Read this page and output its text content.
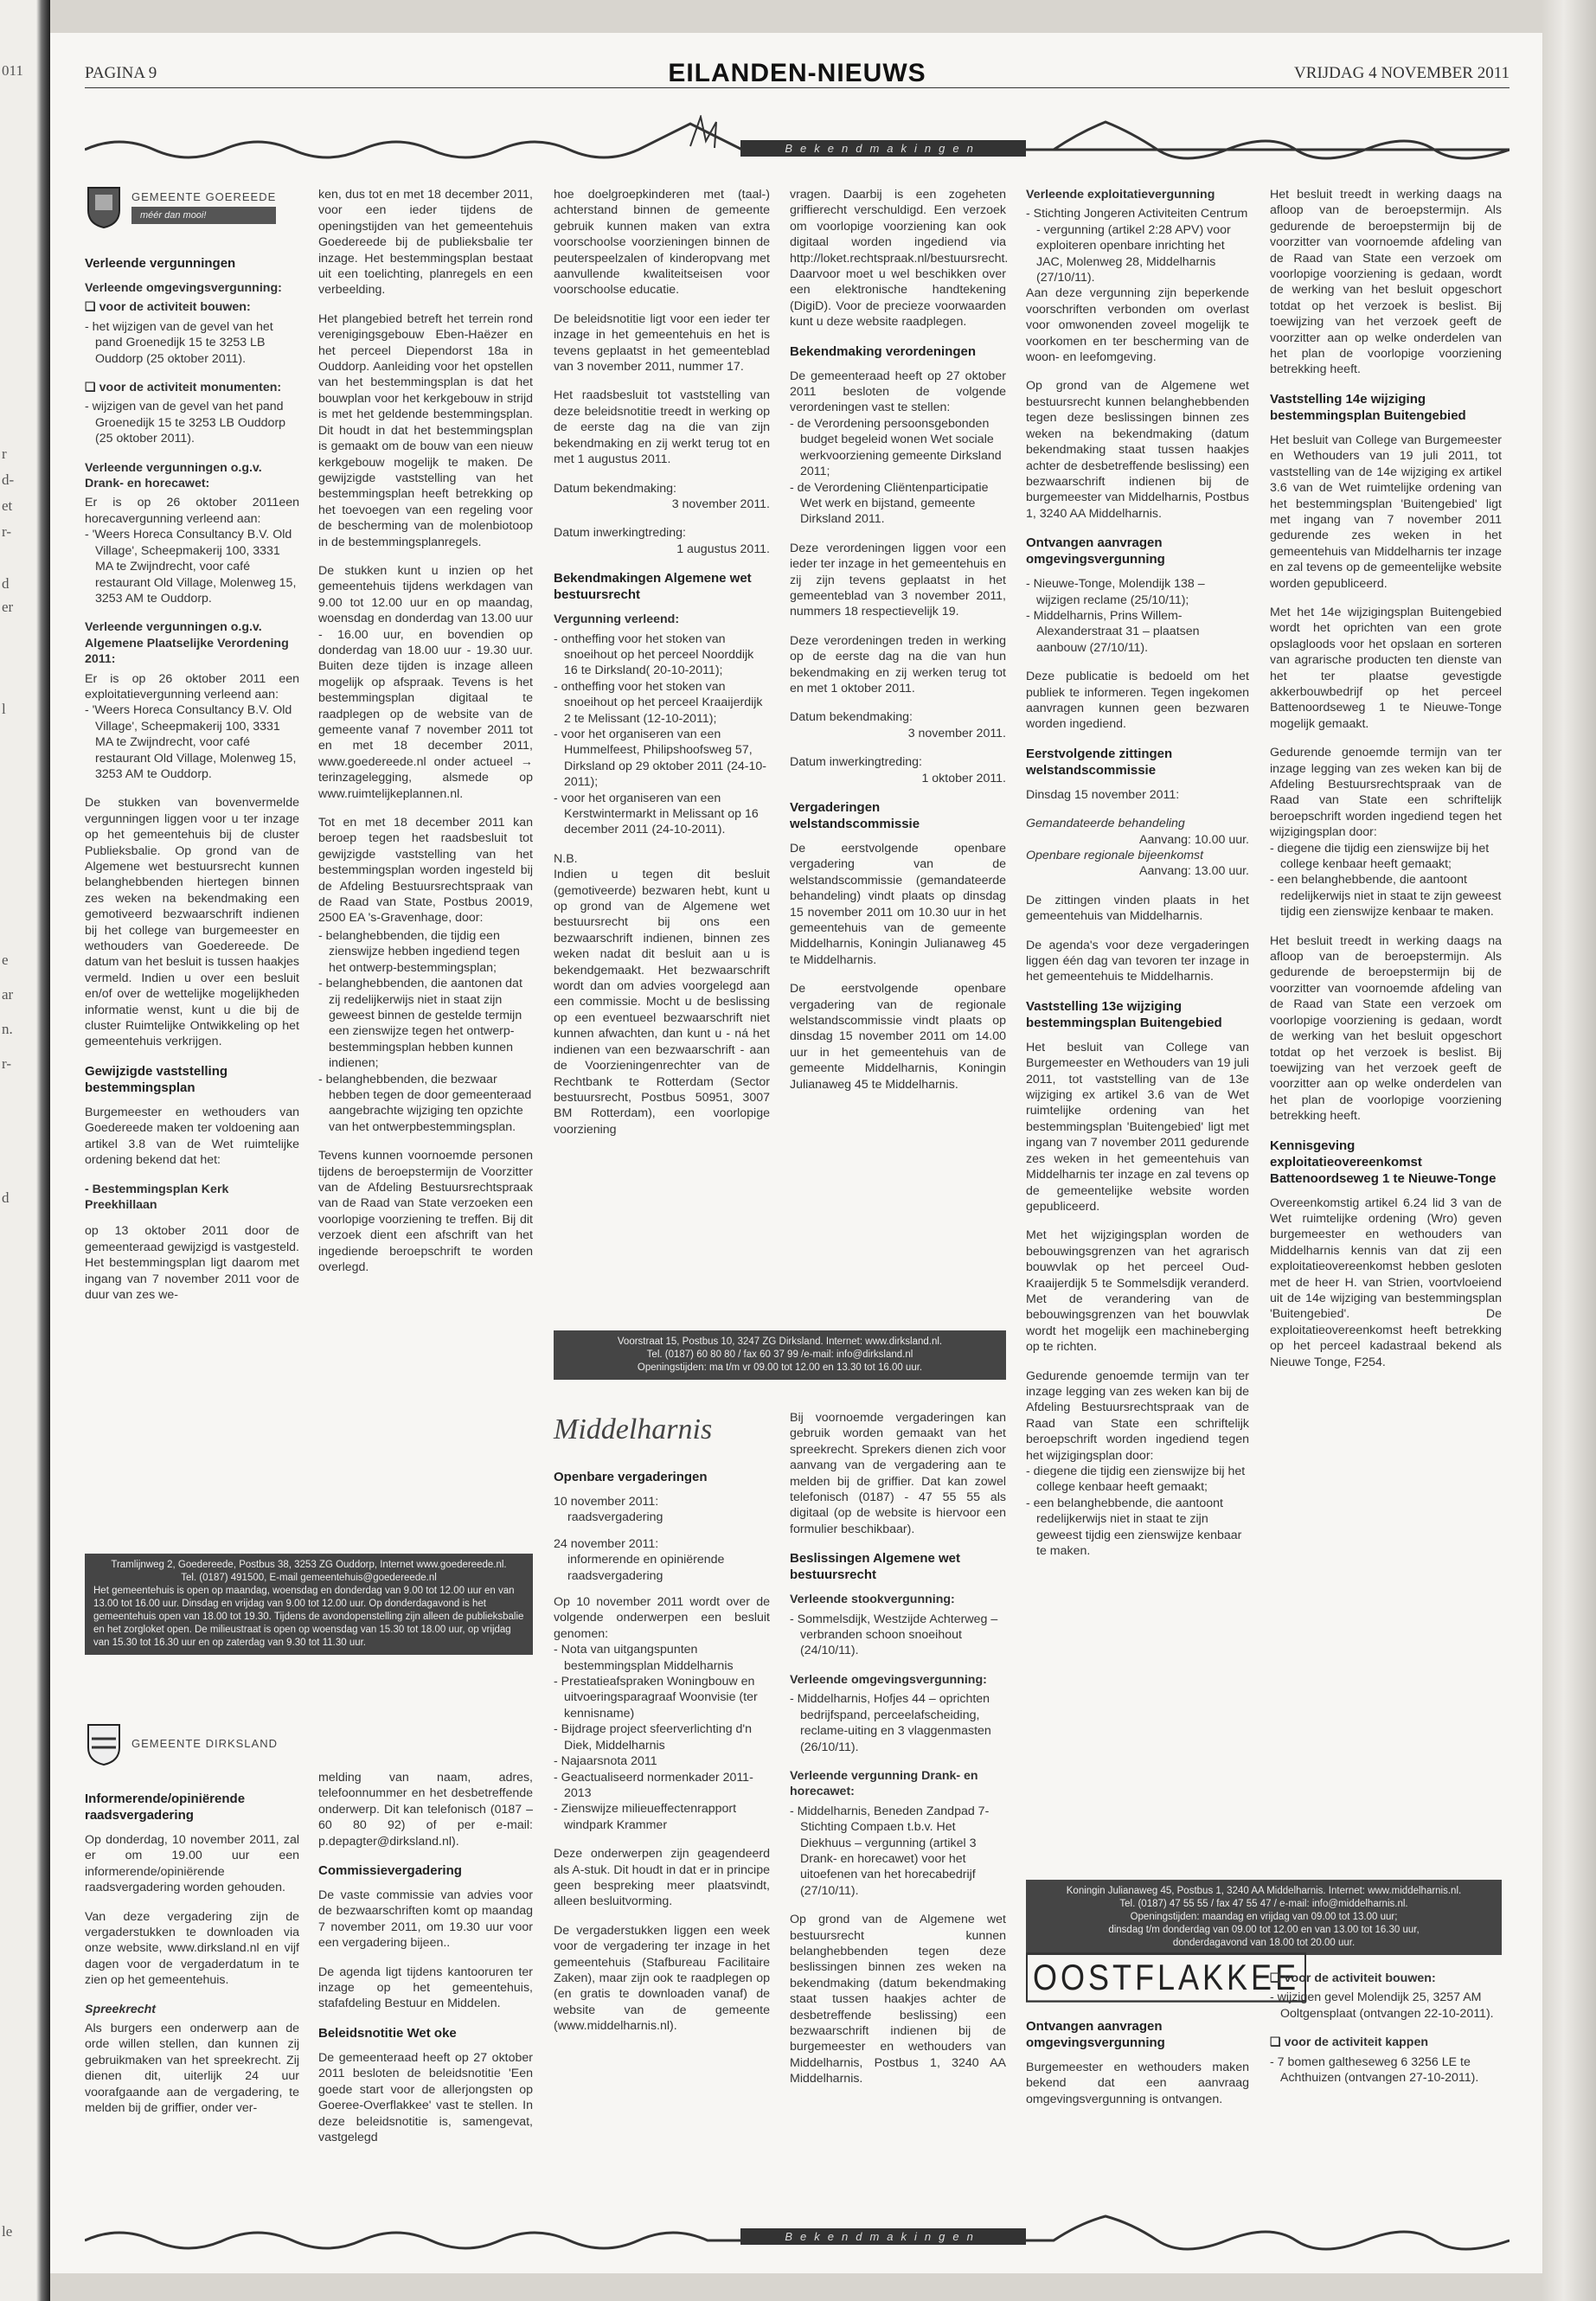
011
r
d-
et
r-
d
er
l
e
ar
n.
r-
d
le
PAGINA 9	EILANDEN-NIEUWS	VRIJDAG 4 NOVEMBER 2011
Bekendmakingen
GEMEENTE GOEREEDE
méér dan mooi!
Verleende vergunningen
Verleende omgevingsvergunning:
❑ voor de activiteit bouwen:
- het wijzigen van de gevel van het pand Groenedijk 15 te 3253 LB Ouddorp (25 oktober 2011).
❑ voor de activiteit monumenten:
- wijzigen van de gevel van het pand Groenedijk 15 te 3253 LB Ouddorp (25 oktober 2011).
Verleende vergunningen o.g.v. Drank- en horecawet:

Er is op 26 oktober 2011een horecavergunning verleend aan:

- 'Weers Horeca Consultancy B.V. Old Village', Scheepmakerij 100, 3331 MA te Zwijndrecht, voor café restaurant Old Village, Molenweg 15, 3253 AM te Ouddorp.
Verleende vergunningen o.g.v. Algemene Plaatselijke Verordening 2011:

Er is op 26 oktober 2011 een exploitatievergunning verleend aan:

- 'Weers Horeca Consultancy B.V. Old Village', Scheepmakerij 100, 3331 MA te Zwijndrecht, voor café restaurant Old Village, Molenweg 15, 3253 AM te Ouddorp.

De stukken van bovenvermelde vergunningen liggen voor u ter inzage op het gemeentehuis bij de cluster Publieksbalie. Op grond van de Algemene wet bestuursrecht kunnen belanghebbenden hiertegen binnen zes weken na bekendmaking een gemotiveerd bezwaarschrift indienen bij het college van burgemeester en wethouders van Goedereede. De datum van het besluit is tussen haakjes vermeld. Indien u over een besluit en/of over de wettelijke mogelijkheden informatie wenst, kunt u die bij de cluster Ruimtelijke Ontwikkeling op het gemeentehuis verkrijgen.

Gewijzigde vaststelling bestemmingsplan

Burgemeester en wethouders van Goedereede maken ter voldoening aan artikel 3.8 van de Wet ruimtelijke ordening bekend dat het:

- Bestemmingsplan Kerk Preekhillaan

op 13 oktober 2011 door de gemeenteraad gewijzigd is vastgesteld. Het bestemmingsplan ligt daarom met ingang van 7 november 2011 voor de duur van zes we-

ken, dus tot en met 18 december 2011, voor een ieder tijdens de openingstijden van het gemeentehuis Goedereede bij de publieksbalie ter inzage. Het bestemmingsplan bestaat uit een toelichting, planregels en een verbeelding.

Het plangebied betreft het terrein rond verenigingsgebouw Eben-Haëzer en het perceel Diependorst 18a in Ouddorp. Aanleiding voor het opstellen van het bestemmingsplan is dat het bouwplan voor het kerkgebouw in strijd is met het geldende bestemmingsplan. Dit houdt in dat het bestemmingsplan is gemaakt om de bouw van een nieuw kerkgebouw mogelijk te maken. De gewijzigde vaststelling van het bestemmingsplan heeft betrekking op het toevoegen van een regeling voor de bescherming van de molenbiotoop in de bestemmingsplanregels.

De stukken kunt u inzien op het gemeentehuis tijdens werkdagen van 9.00 tot 12.00 uur en op maandag, woensdag en donderdag van 13.00 uur - 16.00 uur, en bovendien op donderdag van 18.00 uur - 19.30 uur. Buiten deze tijden is inzage alleen mogelijk op afspraak. Tevens is het bestemmingsplan digitaal te raadplegen op de website van de gemeente vanaf 7 november 2011 tot en met 18 december 2011, www.goedereede.nl onder actueel → terinzagelegging, alsmede op www.ruimtelijkeplannen.nl.

Tot en met 18 december 2011 kan beroep tegen het raadsbesluit tot gewijzigde vaststelling van het bestemmingsplan worden ingesteld bij de Afdeling Bestuursrechtspraak van de Raad van State, Postbus 20019, 2500 EA 's-Gravenhage, door:

- belanghebbenden, die tijdig een zienswijze hebben ingediend tegen het ontwerp-bestemmingsplan;
- belanghebbenden, die aantonen dat zij redelijkerwijs niet in staat zijn geweest binnen de gestelde termijn een zienswijze tegen het ontwerp-bestemmingsplan hebben kunnen indienen;
- belanghebbenden, die bezwaar hebben tegen de door gemeenteraad aangebrachte wijziging ten opzichte van het ontwerpbestemmingsplan.

Tevens kunnen voornoemde personen tijdens de beroepstermijn de Voorzitter van de Afdeling Bestuursrechtspraak van de Raad van State verzoeken een voorlopige voorziening te treffen. Bij dit verzoek dient een afschrift van het ingediende beroepschrift te worden overlegd.

Tramlijnweg 2, Goedereede, Postbus 38, 3253 ZG Ouddorp, Internet www.goedereede.nl.
Tel. (0187) 491500, E-mail gemeentehuis@goedereede.nl
Het gemeentehuis is open op maandag, woensdag en donderdag van 9.00 tot 12.00 uur en van 13.00 tot 16.00 uur. Dinsdag en vrijdag van 9.00 tot 12.00 uur. Op donderdagavond is het gemeentehuis open van 18.00 tot 19.30. Tijdens de avondopenstelling zijn alleen de publieksbalie en het zorgloket open. De milieustraat is open op woensdag van 15.30 tot 18.00 uur, op vrijdag van 15.30 tot 16.30 uur en op zaterdag van 9.30 tot 11.30 uur.
GEMEENTE DIRKSLAND
Informerende/opiniërende raadsvergadering

Op donderdag, 10 november 2011, zal er om 19.00 uur een informerende/opiniërende raadsvergadering worden gehouden.

Van deze vergadering zijn de vergaderstukken te downloaden via onze website, www.dirksland.nl en vijf dagen voor de vergaderdatum in te zien op het gemeentehuis.

Spreekrecht

Als burgers een onderwerp aan de orde willen stellen, dan kunnen zij gebruikmaken van het spreekrecht. Zij dienen dit, uiterlijk 24 uur voorafgaande aan de vergadering, te melden bij de griffier, onder ver-

melding van naam, adres, telefoonnummer en het desbetreffende onderwerp. Dit kan telefonisch (0187 – 60 80 92) of per e-mail: p.depagter@dirksland.nl).

Commissievergadering

De vaste commissie van advies voor de bezwaarschriften komt op maandag 7 november 2011, om 19.30 uur voor een vergadering bijeen..

De agenda ligt tijdens kantooruren ter inzage op het gemeentehuis, stafafdeling Bestuur en Middelen.

Beleidsnotitie Wet oke

De gemeenteraad heeft op 27 oktober 2011 besloten de beleidsnotitie 'Een goede start voor de allerjongsten op Goeree-Overflakkee' vast te stellen. In deze beleidsnotitie is, samengevat, vastgelegd

hoe doelgroepkinderen met (taal-) achterstand binnen de gemeente gebruik kunnen maken van extra voorschoolse voorzieningen binnen de peuterspeelzalen of kinderopvang met aanvullende kwaliteitseisen voor voorschoolse educatie.

De beleidsnotitie ligt voor een ieder ter inzage in het gemeentehuis en het is tevens geplaatst in het gemeenteblad van 3 november 2011, nummer 17.

Het raadsbesluit tot vaststelling van deze beleidsnotitie treedt in werking op de eerste dag na die van zijn bekendmaking en zij werkt terug tot en met 1 augustus 2011.

Datum bekendmaking:
3 november 2011.
Datum inwerkingtreding:
1 augustus 2011.
Bekendmakingen Algemene wet bestuursrecht
Vergunning verleend:
- ontheffing voor het stoken van snoeihout op het perceel Noorddijk 16 te Dirksland( 20-10-2011);
- ontheffing voor het stoken van snoeihout op het perceel Kraaijerdijk 2 te Melissant (12-10-2011);
- voor het organiseren van een Hummelfeest, Philipshoofsweg 57, Dirksland op 29 oktober 2011 (24-10-2011);
- voor het organiseren van een Kerstwintermarkt in Melissant op 16 december 2011 (24-10-2011).
N.B.

Indien u tegen dit besluit (gemotiveerde) bezwaren hebt, kunt u op grond van de Algemene wet bestuursrecht bij ons een bezwaarschrift indienen, binnen zes weken nadat dit besluit aan u is bekendgemaakt. Het bezwaarschrift wordt dan om advies voorgelegd aan een commissie. Mocht u de beslissing op een eventueel bezwaarschrift niet kunnen afwachten, dan kunt u - ná het indienen van een bezwaarschrift - aan de Voorzieningenrechter van de Rechtbank te Rotterdam (Sector bestuursrecht, Postbus 50951, 3007 BM Rotterdam), een voorlopige voorziening

vragen. Daarbij is een zogeheten griffierecht verschuldigd. Een verzoek om voorlopige voorziening kan ook digitaal worden ingediend via http://loket.rechtspraak.nl/bestuursrecht. Daarvoor moet u wel beschikken over een elektronische handtekening (DigiD). Voor de precieze voorwaarden kunt u deze website raadplegen.

Bekendmaking verordeningen

De gemeenteraad heeft op 27 oktober 2011 besloten de volgende verordeningen vast te stellen:

- de Verordening persoonsgebonden budget begeleid wonen Wet sociale werkvoorziening gemeente Dirksland 2011;
- de Verordening Cliëntenparticipatie Wet werk en bijstand, gemeente Dirksland 2011.

Deze verordeningen liggen voor een ieder ter inzage in het gemeentehuis en zij zijn tevens geplaatst in het gemeenteblad van 3 november 2011, nummers 18 respectievelijk 19.

Deze verordeningen treden in werking op de eerste dag na die van hun bekendmaking en zij werken terug tot en met 1 oktober 2011.

Datum bekendmaking:
3 november 2011.
Datum inwerkingtreding:
1 oktober 2011.
Vergaderingen welstandscommissie

De eerstvolgende openbare vergadering van de welstandscommissie (gemandateerde behandeling) vindt plaats op dinsdag 15 november 2011 om 10.30 uur in het gemeentehuis van de gemeente Middelharnis, Koningin Julianaweg 45 te Middelharnis.

De eerstvolgende openbare vergadering van de regionale welstandscommissie vindt plaats op dinsdag 15 november 2011 om 14.00 uur in het gemeentehuis van de gemeente Middelharnis, Koningin Julianaweg 45 te Middelharnis.

Voorstraat 15, Postbus 10, 3247 ZG Dirksland. Internet: www.dirksland.nl.
Tel. (0187) 60 80 80 / fax 60 37 99 /e-mail: info@dirksland.nl
Openingstijden: ma t/m vr 09.00 tot 12.00 en 13.30 tot 16.00 uur.
Middelharnis
Openbare vergaderingen
10 november 2011:
raadsvergadering
24 november 2011:
informerende en opiniërende raadsvergadering

Op 10 november 2011 wordt over de volgende onderwerpen een besluit genomen:

- Nota van uitgangspunten bestemmingsplan Middelharnis
- Prestatieafspraken Woningbouw en uitvoeringsparagraaf Woonvisie (ter kennisname)
- Bijdrage project sfeerverlichting d'n Diek, Middelharnis
- Najaarsnota 2011
- Geactualiseerd normenkader 2011-2013
- Zienswijze milieueffectenrapport windpark Krammer

Deze onderwerpen zijn geagendeerd als A-stuk. Dit houdt in dat er in principe geen bespreking meer plaatsvindt, alleen besluitvorming.

De vergaderstukken liggen een week voor de vergadering ter inzage in het gemeentehuis (Stafbureau Facilitaire Zaken), maar zijn ook te raadplegen op (en gratis te downloaden vanaf) de website van de gemeente (www.middelharnis.nl).

Bij voornoemde vergaderingen kan gebruik worden gemaakt van het spreekrecht. Sprekers dienen zich voor aanvang van de vergadering aan te melden bij de griffier. Dat kan zowel telefonisch (0187) - 47 55 55 als digitaal (op de website is hiervoor een formulier beschikbaar).

Beslissingen Algemene wet bestuursrecht
Verleende stookvergunning:
- Sommelsdijk, Westzijde Achterweg – verbranden schoon snoeihout (24/10/11).
Verleende omgevingsvergunning:
- Middelharnis, Hofjes 44 – oprichten bedrijfspand, perceelafscheiding, reclame-uiting en 3 vlaggenmasten (26/10/11).
Verleende vergunning Drank- en horecawet:
- Middelharnis, Beneden Zandpad 7- Stichting Compaen t.b.v. Het Diekhuus – vergunning (artikel 3 Drank- en horecawet) voor het uitoefenen van het horecabedrijf (27/10/11).

Op grond van de Algemene wet bestuursrecht kunnen belanghebbenden tegen deze beslissingen binnen zes weken na bekendmaking (datum bekendmaking staat tussen haakjes achter de desbetreffende beslissing) een bezwaarschrift indienen bij de burgemeester en wethouders van Middelharnis, Postbus 1, 3240 AA Middelharnis.

Verleende exploitatievergunning
- Stichting Jongeren Activiteiten Centrum - vergunning (artikel 2:28 APV) voor exploiteren openbare inrichting het JAC, Molenweg 28, Middelharnis (27/10/11).

Aan deze vergunning zijn beperkende voorschriften verbonden om overlast voor omwonenden zoveel mogelijk te voorkomen en ter bescherming van de woon- en leefomgeving.

Op grond van de Algemene wet bestuursrecht kunnen belanghebbenden tegen deze beslissingen binnen zes weken na bekendmaking (datum bekendmaking staat tussen haakjes achter de desbetreffende beslissing) een bezwaarschrift indienen bij de burgemeester van Middelharnis, Postbus 1, 3240 AA Middelharnis.

Ontvangen aanvragen omgevingsvergunning
- Nieuwe-Tonge, Molendijk 138 – wijzigen reclame (25/10/11);
- Middelharnis, Prins Willem-Alexanderstraat 31 – plaatsen aanbouw (27/10/11).

Deze publicatie is bedoeld om het publiek te informeren. Tegen ingekomen aanvragen kunnen geen bezwaren worden ingediend.

Eerstvolgende zittingen welstandscommissie
Dinsdag 15 november 2011:
Gemandateerde behandeling
Aanvang: 10.00 uur.
Openbare regionale bijeenkomst
Aanvang: 13.00 uur.

De zittingen vinden plaats in het gemeentehuis van Middelharnis.

De agenda's voor deze vergaderingen liggen één dag van tevoren ter inzage in het gemeentehuis te Middelharnis.

Vaststelling 13e wijziging bestemmingsplan Buitengebied

Het besluit van College van Burgemeester en Wethouders van 19 juli 2011, tot vaststelling van de 13e wijziging ex artikel 3.6 van de Wet ruimtelijke ordening van het bestemmingsplan 'Buitengebied' ligt met ingang van 7 november 2011 gedurende zes weken in het gemeentehuis van Middelharnis ter inzage en zal tevens op de gemeentelijke website worden gepubliceerd.

Met het wijzigingsplan worden de bebouwingsgrenzen van het agrarisch bouwvlak op het perceel Oud-Kraaijerdijk 5 te Sommelsdijk veranderd. Met de verandering van de bebouwingsgrenzen van het bouwvlak wordt het mogelijk een machineberging op te richten.

Gedurende genoemde termijn van ter inzage legging van zes weken kan bij de Afdeling Bestuursrechtspraak van de Raad van State een schriftelijk beroepschrift worden ingediend tegen het wijzigingsplan door:

- diegene die tijdig een zienswijze bij het college kenbaar heeft gemaakt;
- een belanghebbende, die aantoont redelijkerwijs niet in staat te zijn geweest tijdig een zienswijze kenbaar te maken.

Het besluit treedt in werking daags na afloop van de beroepstermijn. Als gedurende de beroepstermijn bij de voorzitter van voornoemde afdeling van de Raad van State een verzoek om voorlopige voorziening is gedaan, wordt de werking van het besluit opgeschort totdat op het verzoek is beslist. Bij toewijzing van het verzoek geeft de voorzitter aan op welke onderdelen van het plan de voorlopige voorziening betrekking heeft.

Vaststelling 14e wijziging bestemmingsplan Buitengebied

Het besluit van College van Burgemeester en Wethouders van 19 juli 2011, tot vaststelling van de 14e wijziging ex artikel 3.6 van de Wet ruimtelijke ordening van het bestemmingsplan 'Buitengebied' ligt met ingang van 7 november 2011 gedurende zes weken in het gemeentehuis van Middelharnis ter inzage en zal tevens op de gemeentelijke website worden gepubliceerd.

Met het 14e wijzigingsplan Buitengebied wordt het oprichten van een grote opslagloods voor het opslaan en sorteren van agrarische producten ten dienste van het ter plaatse gevestigde akkerbouwbedrijf op het perceel Battenoordseweg 1 te Nieuwe-Tonge mogelijk gemaakt.

Gedurende genoemde termijn van ter inzage legging van zes weken kan bij de Afdeling Bestuursrechtspraak van de Raad van State een schriftelijk beroepschrift worden ingediend tegen het wijzigingsplan door:

- diegene die tijdig een zienswijze bij het college kenbaar heeft gemaakt;
- een belanghebbende, die aantoont redelijkerwijs niet in staat te zijn geweest tijdig een zienswijze kenbaar te maken.

Het besluit treedt in werking daags na afloop van de beroepstermijn. Als gedurende de beroepstermijn bij de voorzitter van voornoemde afdeling van de Raad van State een verzoek om voorlopige voorziening is gedaan, wordt de werking van het besluit opgeschort totdat op het verzoek is beslist. Bij toewijzing van het verzoek geeft de voorzitter aan op welke onderdelen van het plan de voorlopige voorziening betrekking heeft.

Kennisgeving exploitatieovereenkomst Battenoordseweg 1 te Nieuwe-Tonge

Overeenkomstig artikel 6.24 lid 3 van de Wet ruimtelijke ordening (Wro) geven burgemeester en wethouders van Middelharnis kennis van dat zij een exploitatieovereenkomst hebben gesloten met de heer H. van Strien, voortvloeiend uit de 14e wijziging van bestemmingsplan 'Buitengebied'. De exploitatieovereenkomst heeft betrekking op het perceel kadastraal bekend als Nieuwe Tonge, F254.

Koningin Julianaweg 45, Postbus 1, 3240 AA Middelharnis. Internet: www.middelharnis.nl.
Tel. (0187) 47 55 55 / fax 47 55 47 / e-mail: info@middelharnis.nl.
Openingstijden: maandag en vrijdag van 09.00 tot 13.00 uur;
dinsdag t/m donderdag van 09.00 tot 12.00 en van 13.00 tot 16.30 uur,
donderdagavond van 18.00 tot 20.00 uur.
OOSTFLAKKEE
Ontvangen aanvragen omgevingsvergunning

Burgemeester en wethouders maken bekend dat een aanvraag omgevingsvergunning is ontvangen.

❑ voor de activiteit bouwen:
- wijzigen gevel Molendijk 25, 3257 AM Ooltgensplaat (ontvangen 22-10-2011).
❑ voor de activiteit kappen
- 7 bomen galtheseweg 6 3256 LE te Achthuizen (ontvangen 27-10-2011).
Bekendmakingen
